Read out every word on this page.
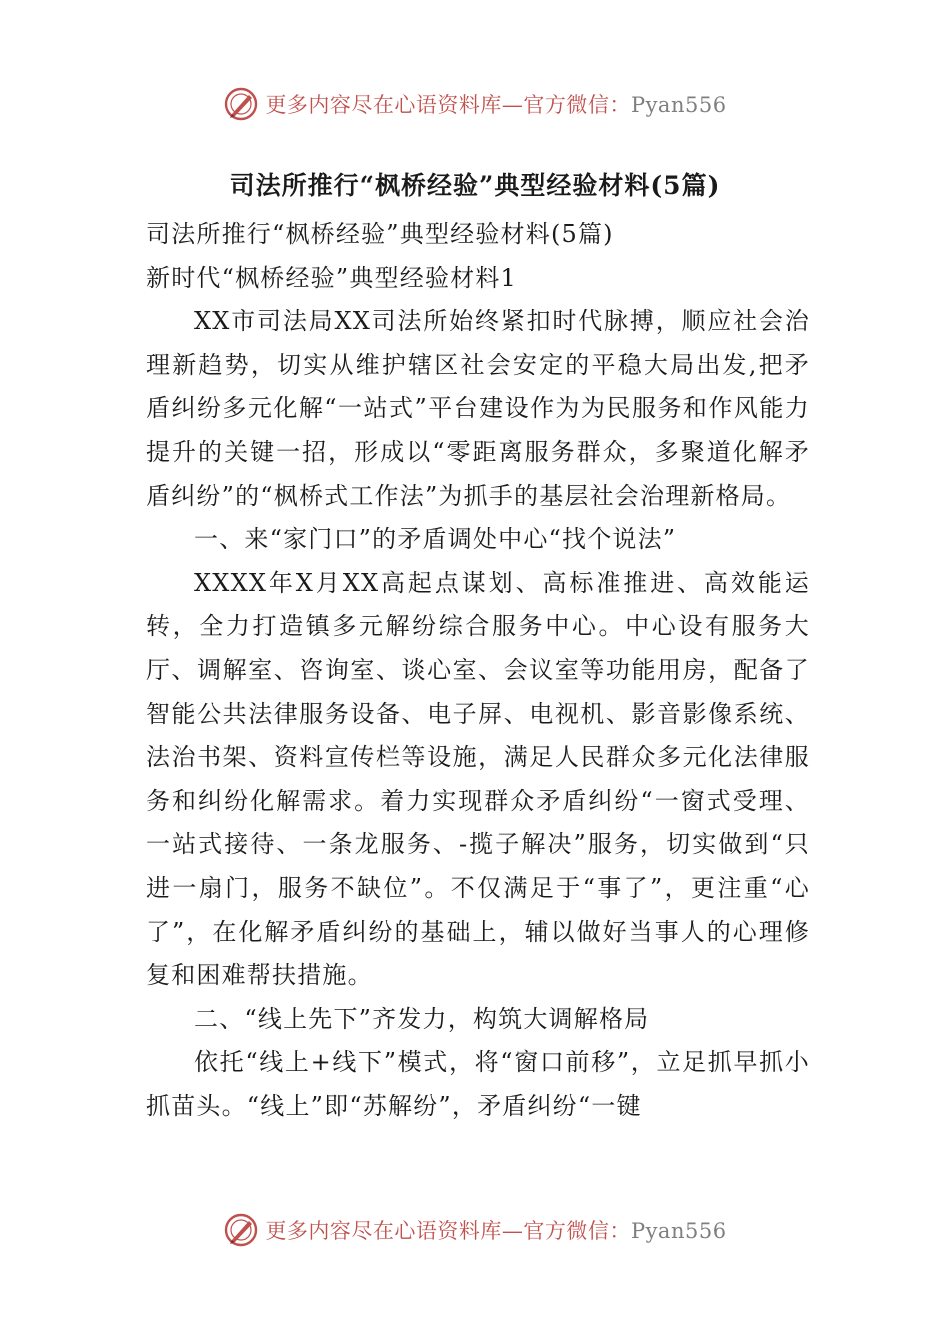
更多内容尽在心语资料库—官方微信：Pyan556
司法所推行“枫桥经验”典型经验材料(5篇)

司法所推行“枫桥经验”典型经验材料(5篇)

新时代“枫桥经验”典型经验材料1

XX市司法局XX司法所始终紧扣时代脉搏，顺应社会治理新趋势，切实从维护辖区社会安定的平稳大局出发,把矛盾纠纷多元化解“一站式”平台建设作为为民服务和作风能力提升的关键一招，形成以“零距离服务群众，多聚道化解矛盾纠纷”的“枫桥式工作法”为抓手的基层社会治理新格局。

一、来“家门口”的矛盾调处中心“找个说法”

XXXX年X月XX高起点谋划、高标准推进、高效能运转，全力打造镇多元解纷综合服务中心。中心设有服务大厅、调解室、咨询室、谈心室、会议室等功能用房，配备了智能公共法律服务设备、电子屏、电视机、影音影像系统、法治书架、资料宣传栏等设施，满足人民群众多元化法律服务和纠纷化解需求。着力实现群众矛盾纠纷“一窗式受理、一站式接待、一条龙服务、-揽子解决”服务，切实做到“只进一扇门，服务不缺位”。不仅满足于“事了”，更注重“心了”，在化解矛盾纠纷的基础上，辅以做好当事人的心理修复和困难帮扶措施。

二、“线上先下”齐发力，构筑大调解格局

依托“线上+线下”模式，将“窗口前移”，立足抓早抓小抓苗头。“线上”即“苏解纷”，矛盾纠纷“一键

更多内容尽在心语资料库—官方微信：Pyan556
